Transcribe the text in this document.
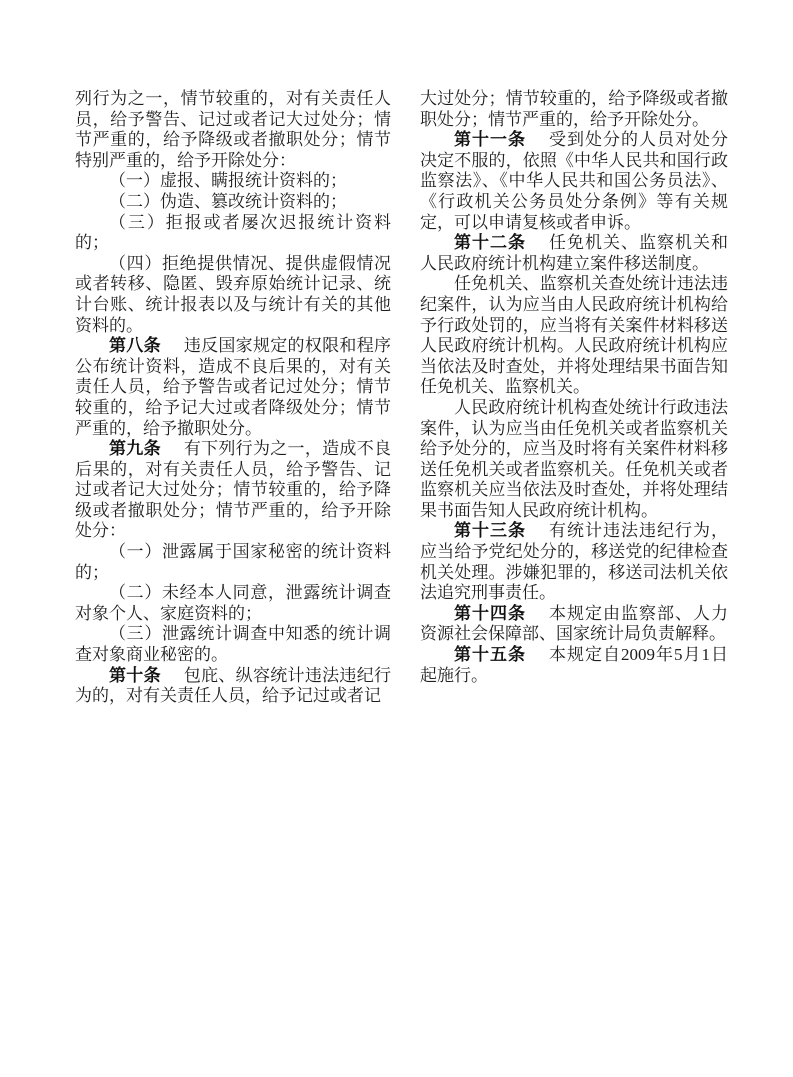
列行为之一，情节较重的，对有关责任人员，给予警告、记过或者记大过处分；情节严重的，给予降级或者撤职处分；情节特别严重的，给予开除处分：

（一）虚报、瞒报统计资料的；

（二）伪造、篡改统计资料的；

（三）拒报或者屡次迟报统计资料的；

（四）拒绝提供情况、提供虚假情况或者转移、隐匿、毁弃原始统计记录、统计台账、统计报表以及与统计有关的其他资料的。

第八条 违反国家规定的权限和程序公布统计资料，造成不良后果的，对有关责任人员，给予警告或者记过处分；情节较重的，给予记大过或者降级处分；情节严重的，给予撤职处分。

第九条 有下列行为之一，造成不良后果的，对有关责任人员，给予警告、记过或者记大过处分；情节较重的，给予降级或者撤职处分；情节严重的，给予开除处分：

（一）泄露属于国家秘密的统计资料的；

（二）未经本人同意，泄露统计调查对象个人、家庭资料的；

（三）泄露统计调查中知悉的统计调查对象商业秘密的。

第十条 包庇、纵容统计违法违纪行为的，对有关责任人员，给予记过或者记

大过处分；情节较重的，给予降级或者撤职处分；情节严重的，给予开除处分。

第十一条 受到处分的人员对处分决定不服的，依照《中华人民共和国行政监察法》、《中华人民共和国公务员法》、《行政机关公务员处分条例》等有关规定，可以申请复核或者申诉。

第十二条 任免机关、监察机关和人民政府统计机构建立案件移送制度。

任免机关、监察机关查处统计违法违纪案件，认为应当由人民政府统计机构给予行政处罚的，应当将有关案件材料移送人民政府统计机构。人民政府统计机构应当依法及时查处，并将处理结果书面告知任免机关、监察机关。

人民政府统计机构查处统计行政违法案件，认为应当由任免机关或者监察机关给予处分的，应当及时将有关案件材料移送任免机关或者监察机关。任免机关或者监察机关应当依法及时查处，并将处理结果书面告知人民政府统计机构。

第十三条 有统计违法违纪行为，应当给予党纪处分的，移送党的纪律检查机关处理。涉嫌犯罪的，移送司法机关依法追究刑事责任。

第十四条 本规定由监察部、人力资源社会保障部、国家统计局负责解释。

第十五条 本规定自2009年5月1日起施行。
